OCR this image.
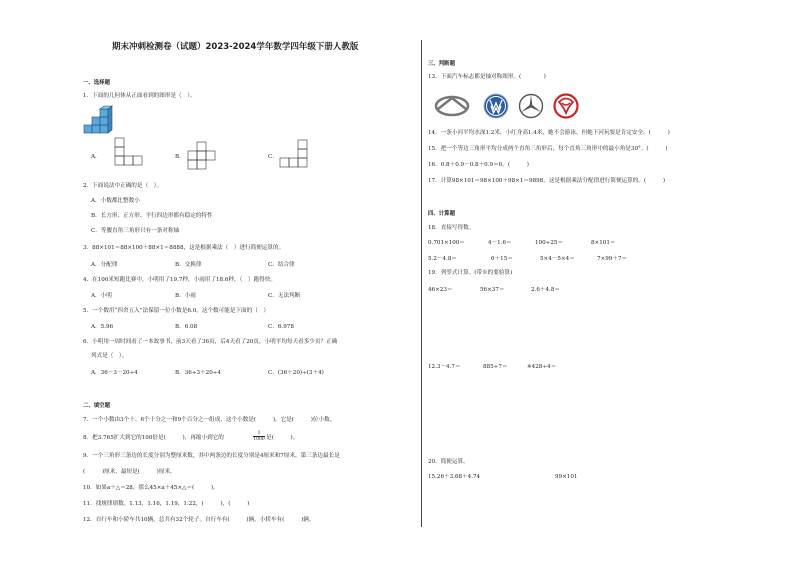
期末冲刺检测卷（试题）2023-2024学年数学四年级下册人教版
一、选择题
1．下面的几何体从正面看到的图形是（　）。
A．	B．	C．
2．下面说法中正确的是（　）。
A．小数都比整数小
B．长方形、正方形、平行四边形都有稳定的特性
C．等腰直角三角形只有一条对称轴
3．88×101＝88×100＋88×1＝8888，这是根据乘法（　）进行简便运算的。
A．分配律	B．交换律	C．结合律
4．在100米短跑比赛中，小明用了19.7秒，小雨用了18.6秒，（　）跑得快。
A．小明	B．小雨	C．无法判断
5．一个数用“四舍五入”法保留一位小数是6.0，这个数可能是下面的（　）
A．5.96	B．6.08	C．6.978
6．小明用一周时间看了一本故事书，前3天看了36页，后4天看了20页，小明平均每天看多少页？正确
列式是（　）。
A．36－3－20÷4	B．36÷3＋20÷4	C．(36＋20)÷(3＋4)
二、填空题
7．一个小数由3个十、6个十分之一和9个百分之一组成，这个小数是(　　　)，它是(　　　)位小数。
8．把3.765扩大到它的100倍是(　　　)，再缩小到它的	$\frac{1}{1000}$ 是(　　　)。
9．一个三角形三条边的长度分别为整厘米数，其中两条边的长度分别是4厘米和7厘米，第三条边最长是
(　　　)厘米，最短是(　　　)厘米。
10．如果a＋△＝28，那么45×a＋45×△＝(　　　)。
11．找规律填数。1.13，1.16，1.19，1.22，(　　　)，(　　　)
12．自行车和小轿车共10辆，总共有32个轮子。自行车有(　　　)辆，小轿车有(　　　)辆。
三、判断题
13．下面汽车标志都是轴对称图形。(　　　　)
14．一条小河平均水深1.2米，小红身高1.4米，她不会游泳，但她下河玩耍是肯定安全。(　　　)
15．把一个等边三角形平均分成两个直角三角形后，每个直角三角形中的最小角是30°。(　　　)
16．0.8＋0.9－0.8＋0.9＝0。(　　　)
17．计算98×101＝98×100＋98×1＝9898，这是根据乘法分配律进行简便运算的。(　　　)
四、计算题
18．直接写得数。
0.701×100＝	4－1.6＝	100÷25＝	8×101＝
5.2－4.8＝	6＋15＝	5×4－5×4＝	7×99＋7＝
19．列竖式计算。(带※的要验算)
46×23＝	56×37＝	2.6＋4.8＝
12.3－4.7＝	885÷7＝	※428÷4＝
20．简便运算。
15.26＋3.68＋4.74	99×101
